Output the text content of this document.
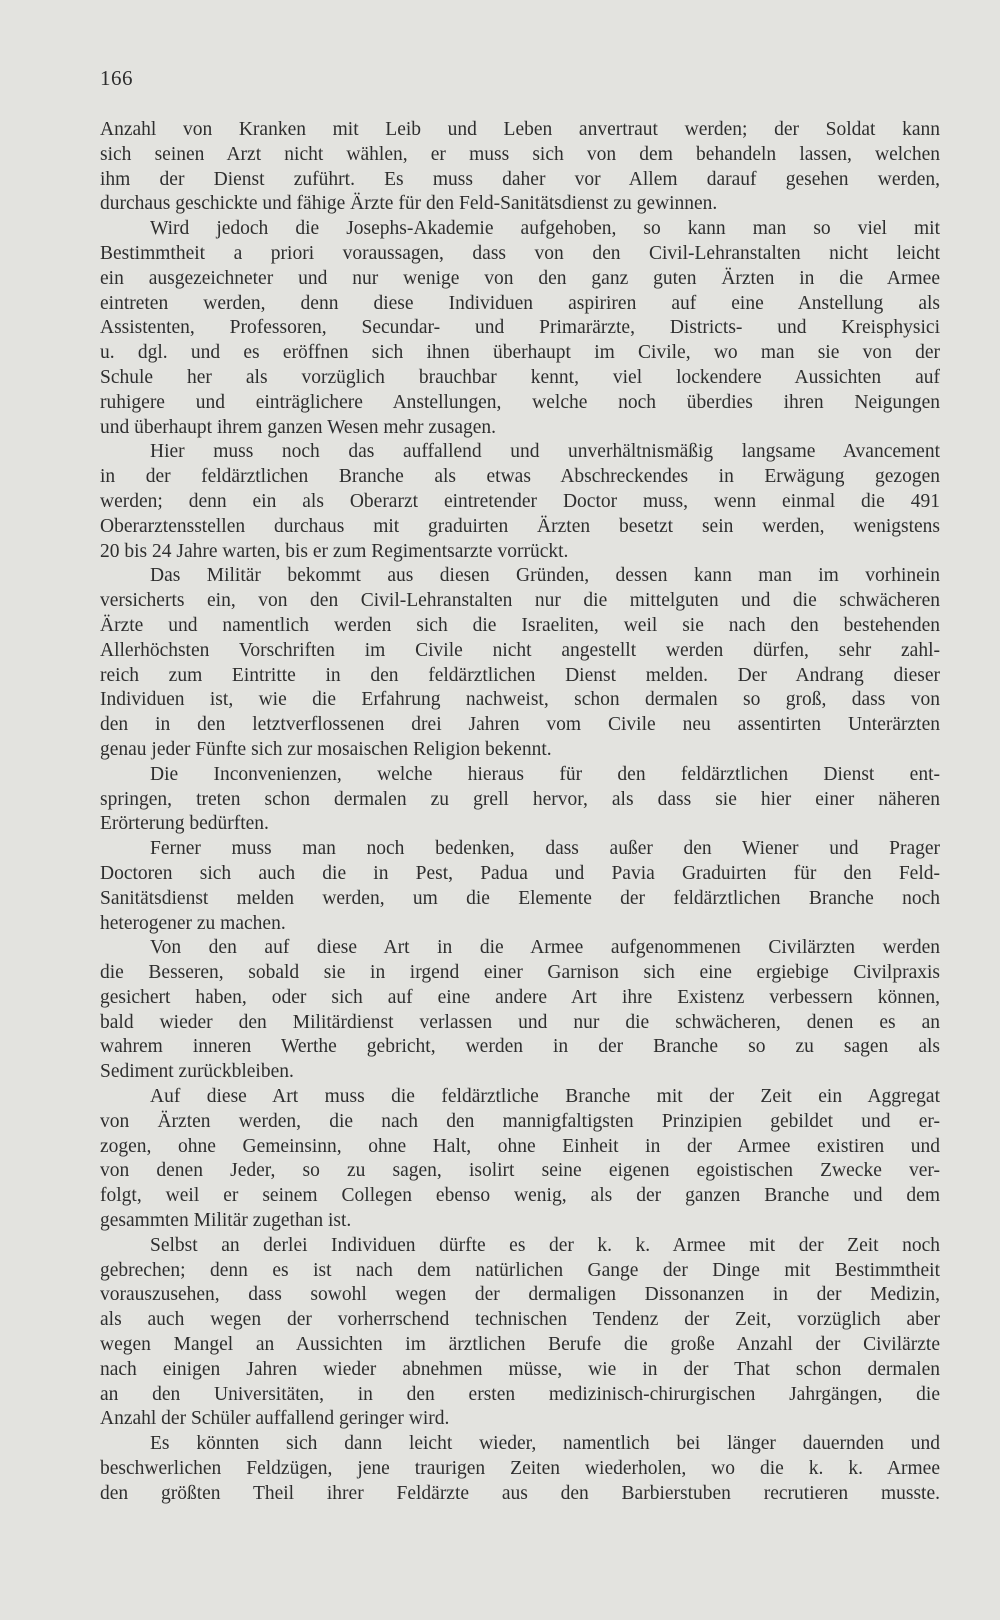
166
Anzahl von Kranken mit Leib und Leben anvertraut werden; der Soldat kann
sich seinen Arzt nicht wählen, er muss sich von dem behandeln lassen, welchen
ihm der Dienst zuführt. Es muss daher vor Allem darauf gesehen werden,
durchaus geschickte und fähige Ärzte für den Feld-Sanitätsdienst zu gewinnen.
Wird jedoch die Josephs-Akademie aufgehoben, so kann man so viel mit
Bestimmtheit a priori voraussagen, dass von den Civil-Lehranstalten nicht leicht
ein ausgezeichneter und nur wenige von den ganz guten Ärzten in die Armee
eintreten werden, denn diese Individuen aspiriren auf eine Anstellung als
Assistenten, Professoren, Secundar- und Primarärzte, Districts- und Kreisphysici
u. dgl. und es eröffnen sich ihnen überhaupt im Civile, wo man sie von der
Schule her als vorzüglich brauchbar kennt, viel lockendere Aussichten auf
ruhigere und einträglichere Anstellungen, welche noch überdies ihren Neigungen
und überhaupt ihrem ganzen Wesen mehr zusagen.
Hier muss noch das auffallend und unverhältnismäßig langsame Avancement
in der feldärztlichen Branche als etwas Abschreckendes in Erwägung gezogen
werden; denn ein als Oberarzt eintretender Doctor muss, wenn einmal die 491
Oberarztensstellen durchaus mit graduirten Ärzten besetzt sein werden, wenigstens
20 bis 24 Jahre warten, bis er zum Regimentsarzte vorrückt.
Das Militär bekommt aus diesen Gründen, dessen kann man im vorhinein
versicherts ein, von den Civil-Lehranstalten nur die mittelguten und die schwächeren
Ärzte und namentlich werden sich die Israeliten, weil sie nach den bestehenden
Allerhöchsten Vorschriften im Civile nicht angestellt werden dürfen, sehr zahl-
reich zum Eintritte in den feldärztlichen Dienst melden. Der Andrang dieser
Individuen ist, wie die Erfahrung nachweist, schon dermalen so groß, dass von
den in den letztverflossenen drei Jahren vom Civile neu assentirten Unterärzten
genau jeder Fünfte sich zur mosaischen Religion bekennt.
Die Inconvenienzen, welche hieraus für den feldärztlichen Dienst ent-
springen, treten schon dermalen zu grell hervor, als dass sie hier einer näheren
Erörterung bedürften.
Ferner muss man noch bedenken, dass außer den Wiener und Prager
Doctoren sich auch die in Pest, Padua und Pavia Graduirten für den Feld-
Sanitätsdienst melden werden, um die Elemente der feldärztlichen Branche noch
heterogener zu machen.
Von den auf diese Art in die Armee aufgenommenen Civilärzten werden
die Besseren, sobald sie in irgend einer Garnison sich eine ergiebige Civilpraxis
gesichert haben, oder sich auf eine andere Art ihre Existenz verbessern können,
bald wieder den Militärdienst verlassen und nur die schwächeren, denen es an
wahrem inneren Werthe gebricht, werden in der Branche so zu sagen als
Sediment zurückbleiben.
Auf diese Art muss die feldärztliche Branche mit der Zeit ein Aggregat
von Ärzten werden, die nach den mannigfaltigsten Prinzipien gebildet und er-
zogen, ohne Gemeinsinn, ohne Halt, ohne Einheit in der Armee existiren und
von denen Jeder, so zu sagen, isolirt seine eigenen egoistischen Zwecke ver-
folgt, weil er seinem Collegen ebenso wenig, als der ganzen Branche und dem
gesammten Militär zugethan ist.
Selbst an derlei Individuen dürfte es der k. k. Armee mit der Zeit noch
gebrechen; denn es ist nach dem natürlichen Gange der Dinge mit Bestimmtheit
vorauszusehen, dass sowohl wegen der dermaligen Dissonanzen in der Medizin,
als auch wegen der vorherrschend technischen Tendenz der Zeit, vorzüglich aber
wegen Mangel an Aussichten im ärztlichen Berufe die große Anzahl der Civilärzte
nach einigen Jahren wieder abnehmen müsse, wie in der That schon dermalen
an den Universitäten, in den ersten medizinisch-chirurgischen Jahrgängen, die
Anzahl der Schüler auffallend geringer wird.
Es könnten sich dann leicht wieder, namentlich bei länger dauernden und
beschwerlichen Feldzügen, jene traurigen Zeiten wiederholen, wo die k. k. Armee
den größten Theil ihrer Feldärzte aus den Barbierstuben recrutieren musste.
